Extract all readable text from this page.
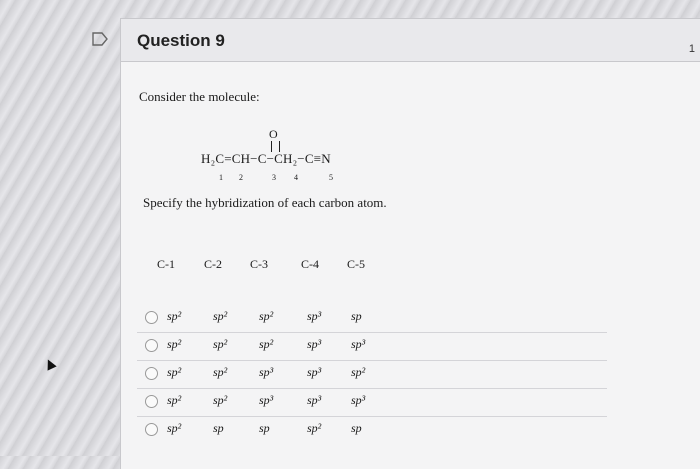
Question 9	1
Consider the molecule:
O
H₂C=CH−C−CH₂−C≡N
1 2	3 4	5
Specify the hybridization of each carbon atom.
C-1 C-2 C-3	C-4 C-5
sp²	sp²	sp²	sp³ sp
sp²	sp²	sp²	sp³ sp³
sp²	sp²	sp³	sp³ sp²
sp²	sp²	sp³	sp³ sp³
sp²	sp	sp	sp² sp
